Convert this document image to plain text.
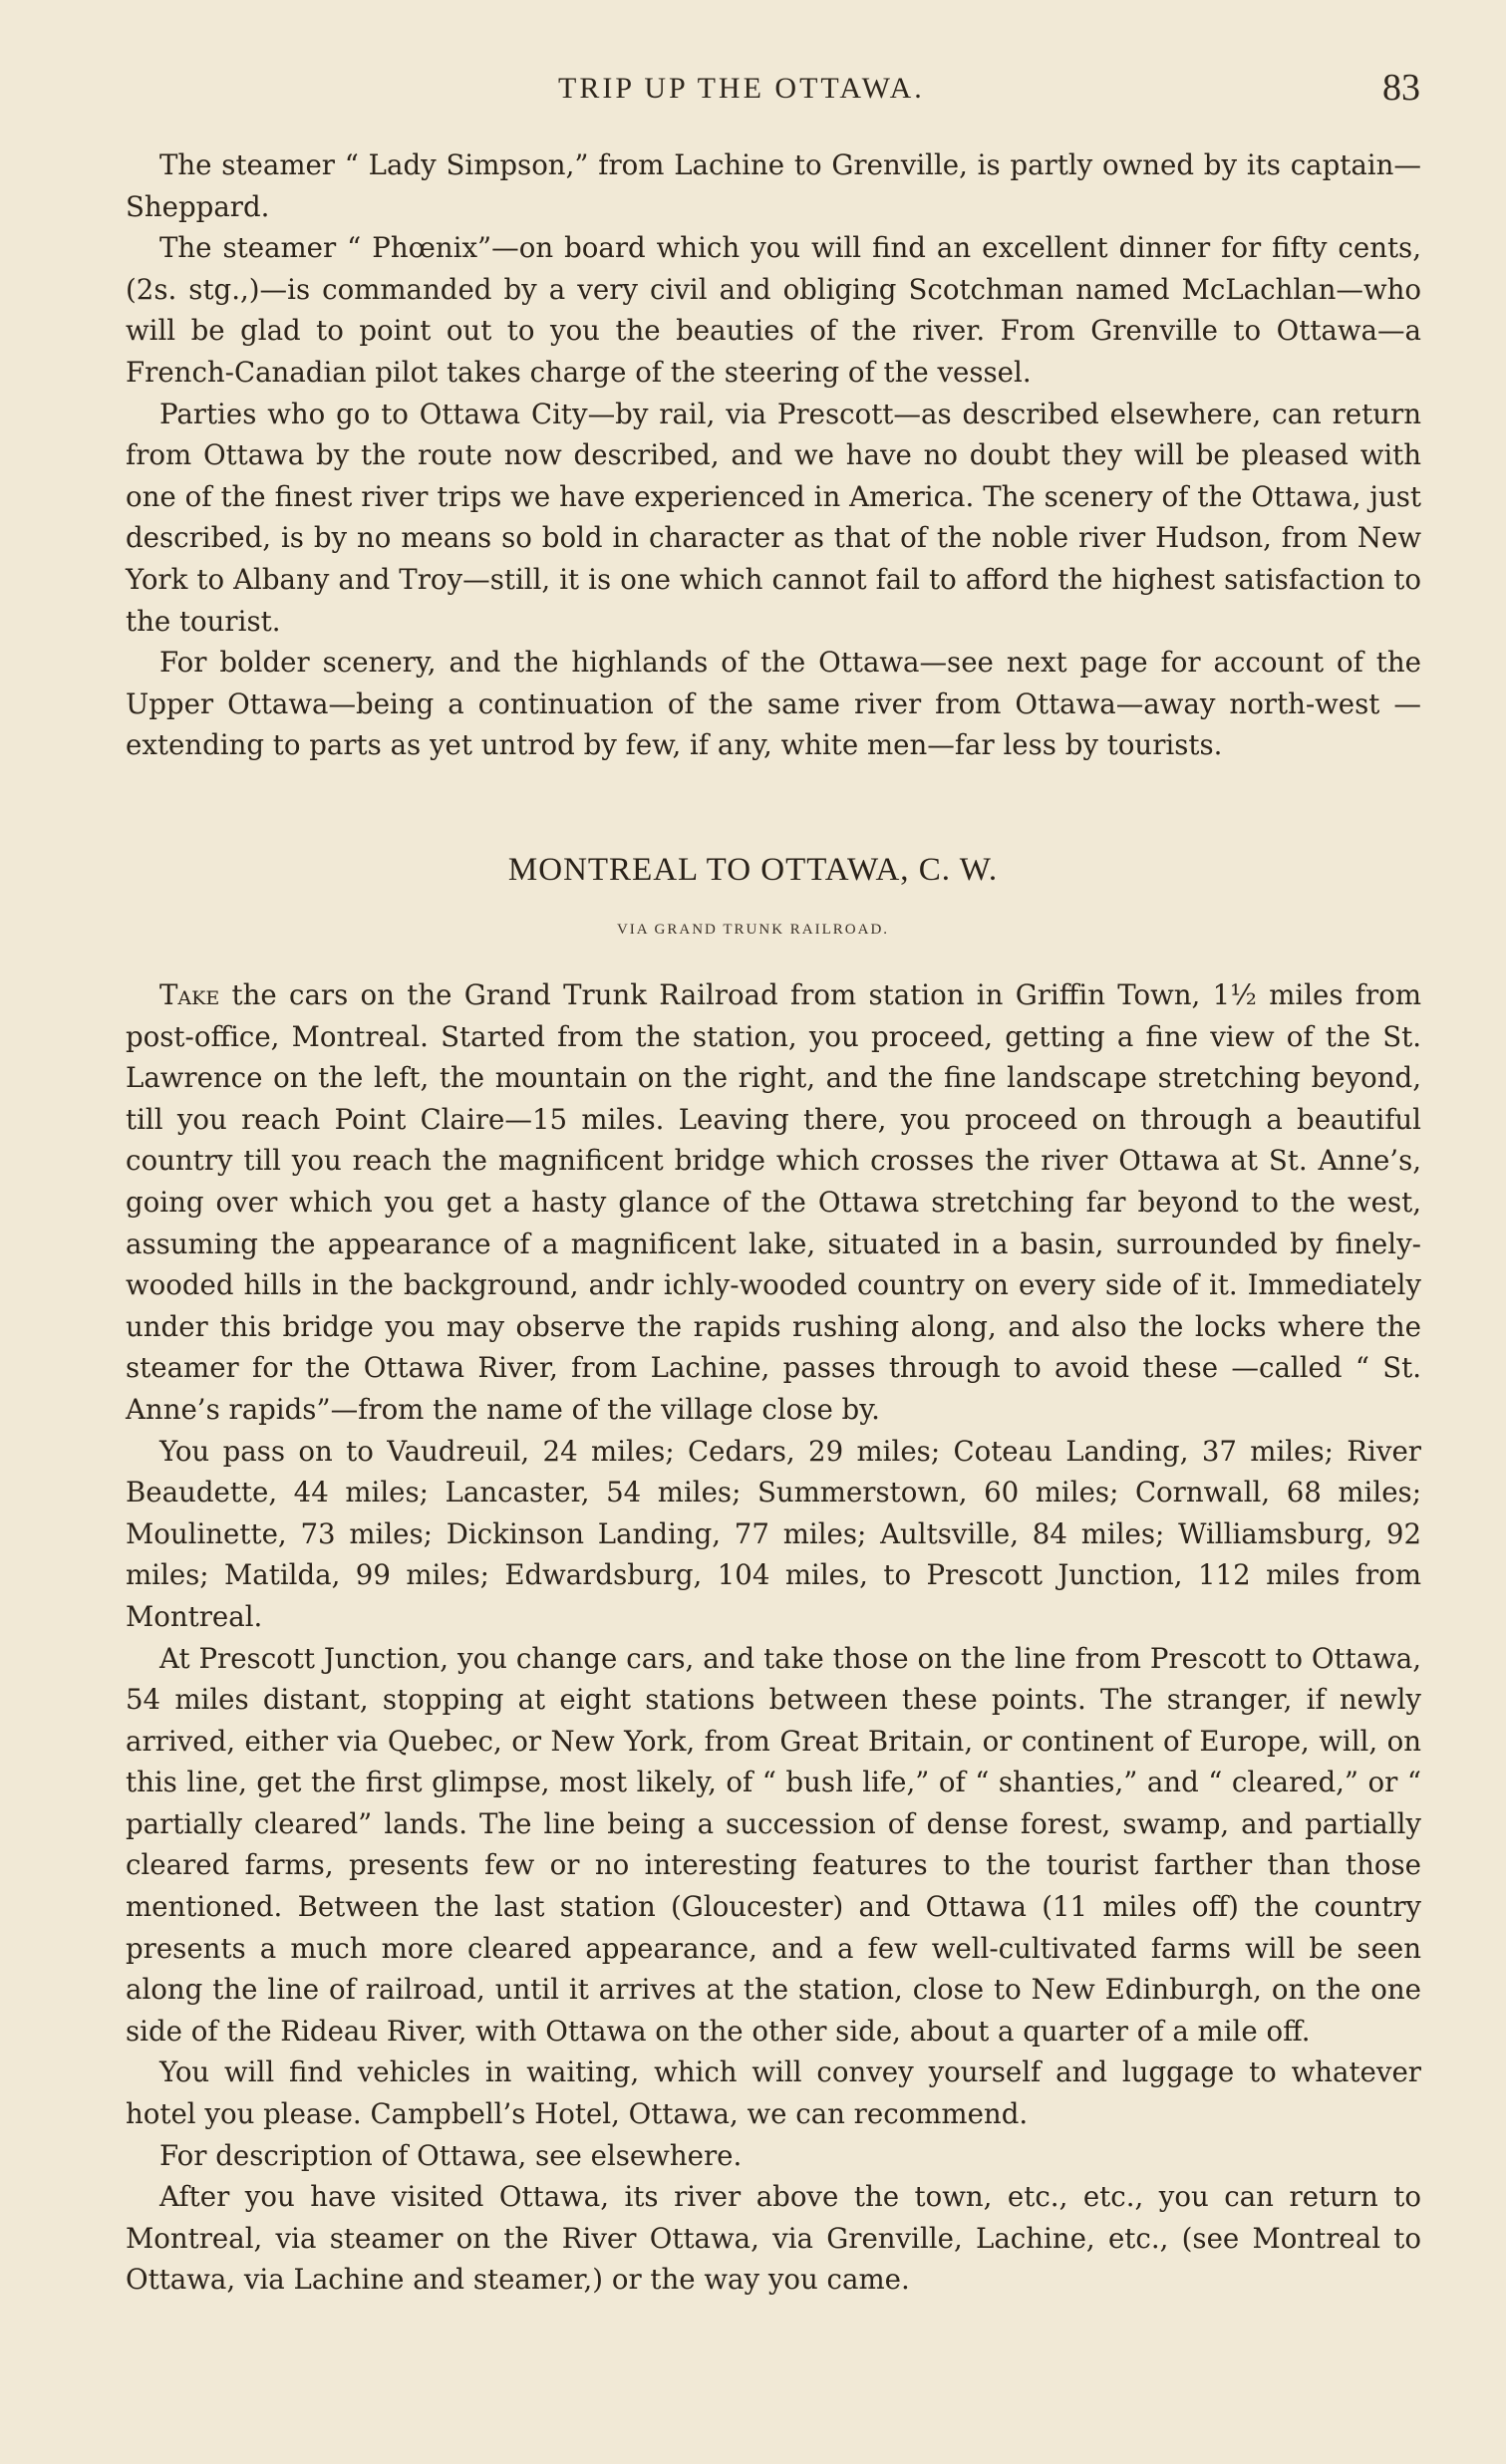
TRIP UP THE OTTAWA.	83

The steamer “ Lady Simpson,” from Lachine to Grenville, is partly owned by its captain— Sheppard.

The steamer “ Phœnix”—on board which you will find an excellent dinner for fifty cents, (2s. stg.,)—is commanded by a very civil and obliging Scotchman named McLachlan—who will be glad to point out to you the beauties of the river. From Grenville to Ottawa—a French-Canadian pilot takes charge of the steering of the vessel.

Parties who go to Ottawa City—by rail, via Prescott—as described elsewhere, can return from Ottawa by the route now described, and we have no doubt they will be pleased with one of the finest river trips we have experienced in America. The scenery of the Ottawa, just described, is by no means so bold in character as that of the noble river Hudson, from New York to Albany and Troy—still, it is one which cannot fail to afford the highest satisfaction to the tourist.

For bolder scenery, and the highlands of the Ottawa—see next page for account of the Upper Ottawa—being a continuation of the same river from Ottawa—away north-west —extending to parts as yet untrod by few, if any, white men—far less by tourists.

MONTREAL TO OTTAWA, C. W.
VIA GRAND TRUNK RAILROAD.

Take the cars on the Grand Trunk Railroad from station in Griffin Town, 1½ miles from post-office, Montreal. Started from the station, you proceed, getting a fine view of the St. Lawrence on the left, the mountain on the right, and the fine landscape stretching beyond, till you reach Point Claire—15 miles. Leaving there, you proceed on through a beautiful country till you reach the magnificent bridge which crosses the river Ottawa at St. Anne’s, going over which you get a hasty glance of the Ottawa stretching far beyond to the west, assuming the appearance of a magnificent lake, situated in a basin, surrounded by finely-wooded hills in the background, andr ichly-wooded country on every side of it. Immediately under this bridge you may observe the rapids rushing along, and also the locks where the steamer for the Ottawa River, from Lachine, passes through to avoid these —called “ St. Anne’s rapids”—from the name of the village close by.

You pass on to Vaudreuil, 24 miles; Cedars, 29 miles; Coteau Landing, 37 miles; River Beaudette, 44 miles; Lancaster, 54 miles; Summerstown, 60 miles; Cornwall, 68 miles; Moulinette, 73 miles; Dickinson Landing, 77 miles; Aultsville, 84 miles; Williamsburg, 92 miles; Matilda, 99 miles; Edwardsburg, 104 miles, to Prescott Junction, 112 miles from Montreal.

At Prescott Junction, you change cars, and take those on the line from Prescott to Ottawa, 54 miles distant, stopping at eight stations between these points. The stranger, if newly arrived, either via Quebec, or New York, from Great Britain, or continent of Europe, will, on this line, get the first glimpse, most likely, of “ bush life,” of “ shanties,” and “ cleared,” or “ partially cleared” lands. The line being a succession of dense forest, swamp, and partially cleared farms, presents few or no interesting features to the tourist farther than those mentioned. Between the last station (Gloucester) and Ottawa (11 miles off) the country presents a much more cleared appearance, and a few well-cultivated farms will be seen along the line of railroad, until it arrives at the station, close to New Edinburgh, on the one side of the Rideau River, with Ottawa on the other side, about a quarter of a mile off.

You will find vehicles in waiting, which will convey yourself and luggage to whatever hotel you please. Campbell’s Hotel, Ottawa, we can recommend.

For description of Ottawa, see elsewhere.

After you have visited Ottawa, its river above the town, etc., etc., you can return to Montreal, via steamer on the River Ottawa, via Grenville, Lachine, etc., (see Montreal to Ottawa, via Lachine and steamer,) or the way you came.
